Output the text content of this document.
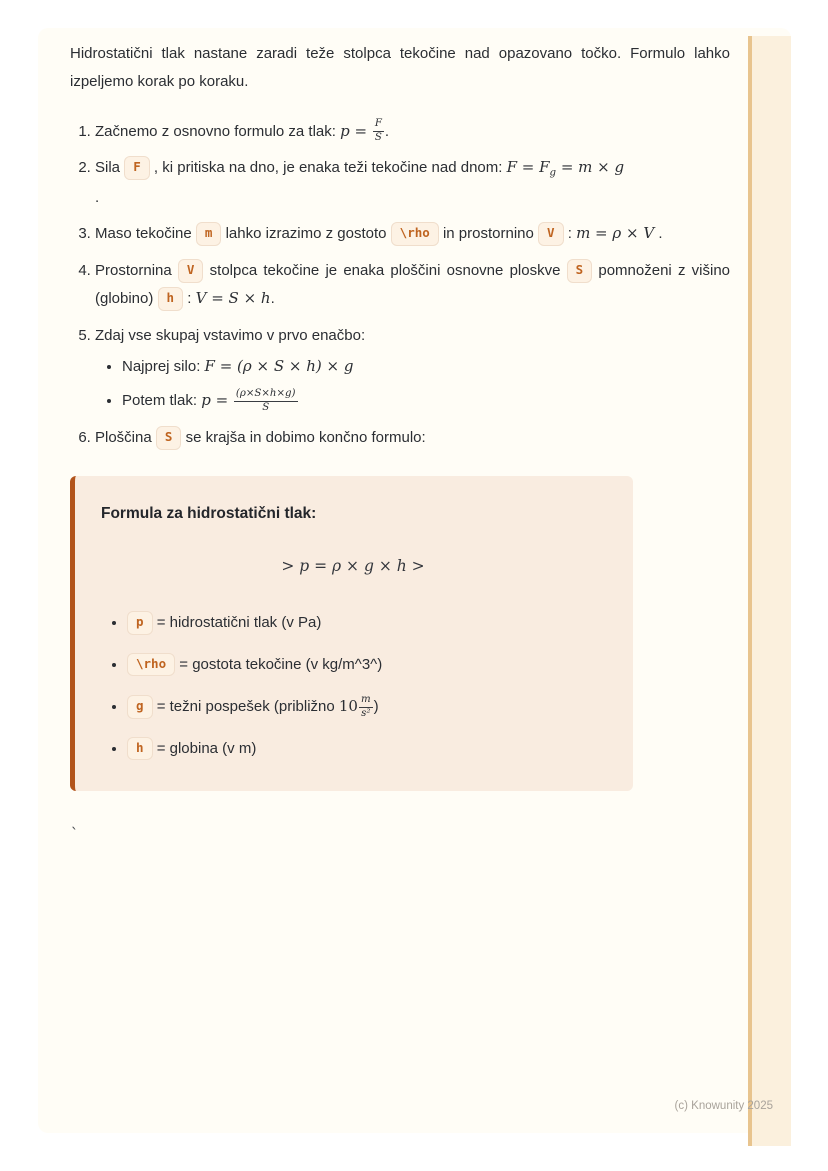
Hidrostatični tlak nastane zaradi teže stolpca tekočine nad opazovano točko. Formulo lahko izpeljemo korak po koraku.

1. Začnemo z osnovno formulo za tlak: $p = \frac{F}{S}$ .
2. Sila F , ki pritiska na dno, je enaka teži tekočine nad dnom: $F = F_g = m \times g$
.
3. Maso tekočine m lahko izrazimo z gostoto \rho in prostornino V : m = ρ × V .
4. Prostornina V stolpca tekočine je enaka ploščini osnovne ploskve S pomnoženi z višino (globino) h : V = S × h.
5. Zdaj vse skupaj vstavimo v prvo enačbo:
• Najprej silo: F = (ρ × S × h) × g
• Potem tlak: $p = \frac{(\rho\times S\times h\times g)}{S}$
6. Ploščina S se krajša in dobimo končno formulo:
Formula za hidrostatični tlak:
> p = ρ × g × h >
• p = hidrostatični tlak (v Pa)
• \rho = gostota tekočine (v kg/m^3^)
• g = težni pospešek (približno $10 \frac{m}{\text{s²}}$ )
• h = globina (v m)
`
(c) Knowunity 2025
